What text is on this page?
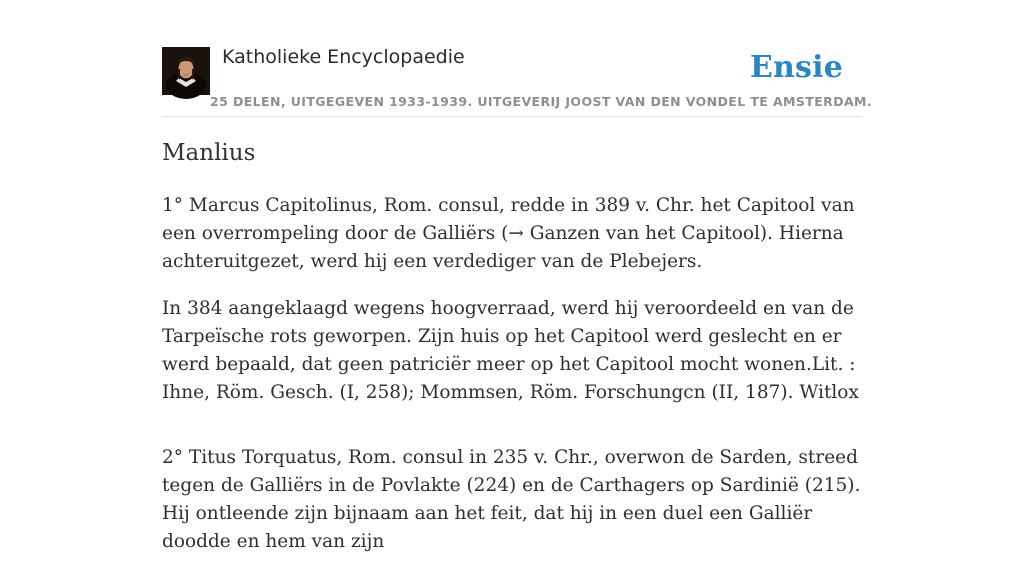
Katholieke Encyclopaedie	Ensie
25 DELEN, UITGEGEVEN 1933-1939. UITGEVERIJ JOOST VAN DEN VONDEL TE AMSTERDAM.
Manlius

1° Marcus Capitolinus, Rom. consul, redde in 389 v. Chr. het Capitool van een overrompeling door de Galliërs (→ Ganzen van het Capitool). Hierna achteruitgezet, werd hij een verdediger van de Plebejers.

In 384 aangeklaagd wegens hoogverraad, werd hij veroordeeld en van de Tarpeïsche rots geworpen. Zijn huis op het Capitool werd geslecht en er werd bepaald, dat geen patriciër meer op het Capitool mocht wonen.Lit. : Ihne, Röm. Gesch. (I, 258); Mommsen, Röm. Forschungcn (II, 187). Witlox

2° Titus Torquatus, Rom. consul in 235 v. Chr., overwon de Sarden, streed tegen de Galliërs in de Povlakte (224) en de Carthagers op Sardinië (215). Hij ontleende zijn bijnaam aan het feit, dat hij in een duel een Galliër doodde en hem van zijn
